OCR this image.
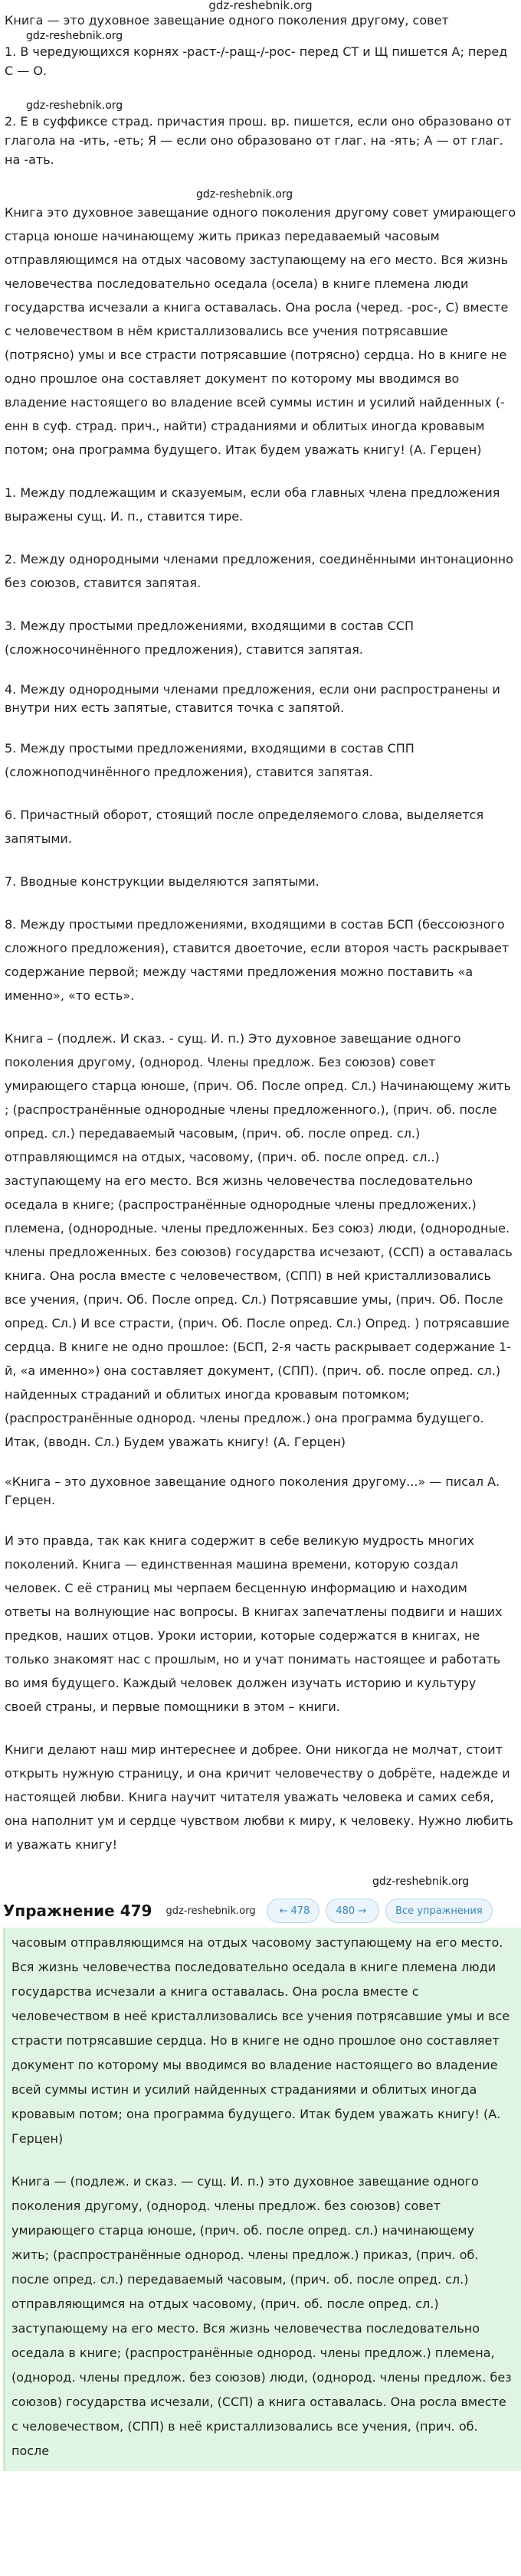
gdz-reshebnik.org

Книга — это духовное завещание одного поколения другому, совет

gdz-reshebnik.org

1. В чередующихся корнях -раст-/-ращ-/-рос- перед СТ и Щ пишется А; перед С — О.

gdz-reshebnik.org

2. Е в суффиксе страд. причастия прош. вр. пишется, если оно образовано от глагола на -ить, -еть; Я — если оно образовано от глаг. на -ять; А — от глаг. на -ать.

gdz-reshebnik.org

Книга это духовное завещание одного поколения другому совет умирающего старца юноше начинающему жить приказ передаваемый часовым отправляющимся на отдых часовому заступающему на его место. Вся жизнь человечества последовательно оседала (осела) в книге племена люди государства исчезали а книга оставалась. Она росла (черед. -рос-, С) вместе с человечеством в нём кристаллизовались все учения потрясавшие (потрясно) умы и все страсти потрясавшие (потрясно) сердца. Но в книге не одно прошлое она составляет документ по которому мы вводимся во владение настоящего во владение всей суммы истин и усилий найденных (-енн в суф. страд. прич., найти) страданиями и облитых иногда кровавым потом; она программа будущего. Итак будем уважать книгу! (А. Герцен)

1. Между подлежащим и сказуемым, если оба главных члена предложения выражены сущ. И. п., ставится тире.

2. Между однородными членами предложения, соединёнными интонационно без союзов, ставится запятая.

3. Между простыми предложениями, входящими в состав ССП (сложносочинённого предложения), ставится запятая.

4. Между однородными членами предложения, если они распространены и внутри них есть запятые, ставится точка с запятой.

5. Между простыми предложениями, входящими в состав СПП (сложноподчинённого предложения), ставится запятая.

6. Причастный оборот, стоящий после определяемого слова, выделяется запятыми.

7. Вводные конструкции выделяются запятыми.

8. Между простыми предложениями, входящими в состав БСП (бессоюзного сложного предложения), ставится двоеточие, если второя часть раскрывает содержание первой; между частями предложения можно поставить «а именно», «то есть».

Книга – (подлеж. И сказ. - сущ. И. п.) Это духовное завещание одного поколения другому, (однород. Члены предлож. Без союзов) совет умирающего старца юноше, (прич. Об. После опред. Сл.) Начинающему жить ; (распространённые однородные члены предложенного.), (прич. об. после опред. сл.) передаваемый часовым, (прич. об. после опред. сл.) отправляющимся на отдых, часовому, (прич. об. после опред. сл..) заступающему на его место. Вся жизнь человечества последовательно оседала в книге; (распространённые однородные члены предложених.) племена, (однородные. члены предложенных. Без союз) люди, (однородные. члены предложенных. без союзов) государства исчезают, (ССП) а оставалась книга. Она росла вместе с человечеством, (СПП) в ней кристаллизовались все учения, (прич. Об. После опред. Сл.) Потрясавшие умы, (прич. Об. После опред. Сл.) И все страсти, (прич. Об. После опред. Сл.) Опред. ) потрясавшие сердца. В книге не одно прошлое: (БСП, 2-я часть раскрывает содержание 1-й, «а именно») она составляет документ, (СПП). (прич. об. после опред. сл.) найденных страданий и облитых иногда кровавым потомком; (распространённые однород. члены предлож.) она программа будущего. Итак, (вводн. Сл.) Будем уважать книгу! (А. Герцен)

«Книга – это духовное завещание одного поколения другому...» — писал А. Герцен.

И это правда, так как книга содержит в себе великую мудрость многих поколений. Книга — единственная машина времени, которую создал человек. С её страниц мы черпаем бесценную информацию и находим ответы на волнующие нас вопросы. В книгах запечатлены подвиги и наших предков, наших отцов. Уроки истории, которые содержатся в книгах, не только знакомят нас с прошлым, но и учат понимать настоящее и работать во имя будущего. Каждый человек должен изучать историю и культуру своей страны, и первые помощники в этом – книги.

Книги делают наш мир интереснее и добрее. Они никогда не молчат, стоит открыть нужную страницу, и она кричит человечеству о добрёте, надежде и настоящей любви. Книга научит читателя уважать человека и самих себя, она наполнит ум и сердце чувством любви к миру, к человеку. Нужно любить и уважать книгу!

gdz-reshebnik.org
Упражнение 479 gdz-reshebnik.org ← 478	480 →	Все упражнения

часовым отправляющимся на отдых часовому заступающему на его место. Вся жизнь человечества последовательно оседала в книге племена люди государства исчезали а книга оставалась. Она росла вместе с человечеством в неё кристаллизовались все учения потрясавшие умы и все страсти потрясавшие сердца. Но в книге не одно прошлое оно составляет документ по которому мы вводимся во владение настоящего во владение всей суммы истин и усилий найденных страданиями и облитых иногда кровавым потом; она программа будущего. Итак будем уважать книгу! (А. Герцен)

Книга — (подлеж. и сказ. — сущ. И. п.) это духовное завещание одного поколения другому, (однород. члены предлож. без союзов) совет умирающего старца юноше, (прич. об. после опред. сл.) начинающему жить; (распространённые однород. члены предлож.) приказ, (прич. об. после опред. сл.) передаваемый часовым, (прич. об. после опред. сл.) отправляющимся на отдых часовому, (прич. об. после опред. сл.) заступающему на его место. Вся жизнь человечества последовательно оседала в книге; (распространённые однород. члены предлож.) племена, (однород. члены предлож. без союзов) люди, (однород. члены предлож. без союзов) государства исчезали, (ССП) а книга оставалась. Она росла вместе с человечеством, (СПП) в неё кристаллизовались все учения, (прич. об. после
